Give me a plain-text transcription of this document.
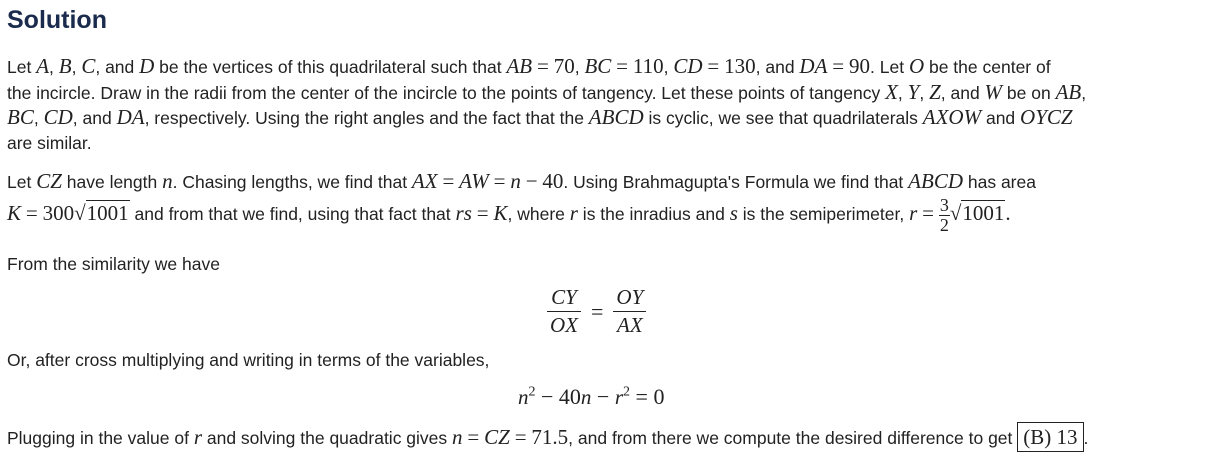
Solution
Let A, B, C, and D be the vertices of this quadrilateral such that AB = 70, BC = 110, CD = 130, and DA = 90. Let O be the center of
the incircle. Draw in the radii from the center of the incircle to the points of tangency. Let these points of tangency X, Y, Z, and W be on AB,
BC, CD, and DA, respectively. Using the right angles and the fact that the ABCD is cyclic, we see that quadrilaterals AXOW and OYCZ
are similar.
Let CZ have length n. Chasing lengths, we find that AX = AW = n − 40. Using Brahmagupta's Formula we find that ABCD has area
K = 300√1001 and from that we find, using that fact that rs = K, where r is the inradius and s is the semiperimeter, $r = \frac{3}{2} √1001$.
From the similarity we have
$\frac{CY}{OX} = \frac{OY}{AX}$
Or, after cross multiplying and writing in terms of the variables,
$n^2 - 40n - r^2 = 0$
Plugging in the value of r and solving the quadratic gives n = CZ = 71.5, and from there we compute the desired difference to get (B) 13 .
